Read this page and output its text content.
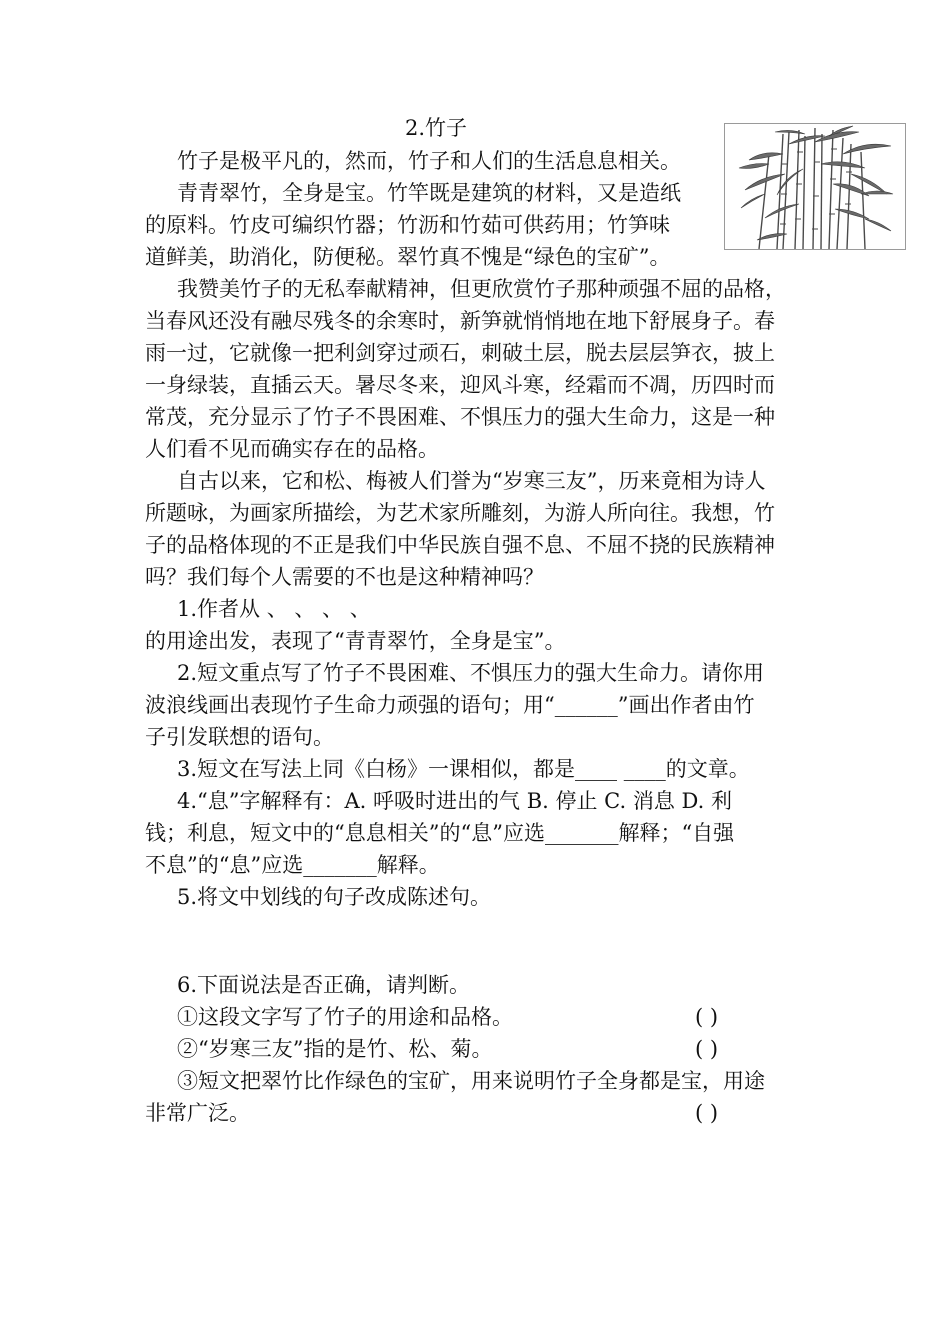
2.竹子
竹子是极平凡的，然而，竹子和人们的生活息息相关。
青青翠竹，全身是宝。竹竿既是建筑的材料，又是造纸
的原料。竹皮可编织竹器；竹沥和竹茹可供药用；竹笋味
道鲜美，助消化，防便秘。翠竹真不愧是“绿色的宝矿”。
我赞美竹子的无私奉献精神，但更欣赏竹子那种顽强不屈的品格，
当春风还没有融尽残冬的余寒时，新笋就悄悄地在地下舒展身子。春
雨一过，它就像一把利剑穿过顽石，刺破土层，脱去层层笋衣，披上
一身绿装，直插云天。暑尽冬来，迎风斗寒，经霜而不凋，历四时而
常茂，充分显示了竹子不畏困难、不惧压力的强大生命力，这是一种
人们看不见而确实存在的品格。
自古以来，它和松、梅被人们誉为“岁寒三友”，历来竟相为诗人
所题咏，为画家所描绘，为艺术家所雕刻，为游人所向往。我想，竹
子的品格体现的不正是我们中华民族自强不息、不屈不挠的民族精神
吗？我们每个人需要的不也是这种精神吗？
1.作者从 、 、 、 、
的用途出发，表现了“青青翠竹，全身是宝”。
2.短文重点写了竹子不畏困难、不惧压力的强大生命力。请你用
波浪线画出表现竹子生命力顽强的语句；用“______”画出作者由竹
子引发联想的语句。
3.短文在写法上同《白杨》一课相似，都是____ ____的文章。
4.“息”字解释有：A. 呼吸时进出的气 B. 停止 C. 消息 D. 利
钱；利息，短文中的“息息相关”的“息”应选_______解释；“自强
不息”的“息”应选_______解释。
5.将文中划线的句子改成陈述句。
6.下面说法是否正确，请判断。
①这段文字写了竹子的用途和品格。	( )
②“岁寒三友”指的是竹、松、菊。	( )
③短文把翠竹比作绿色的宝矿，用来说明竹子全身都是宝，用途
非常广泛。	( )
